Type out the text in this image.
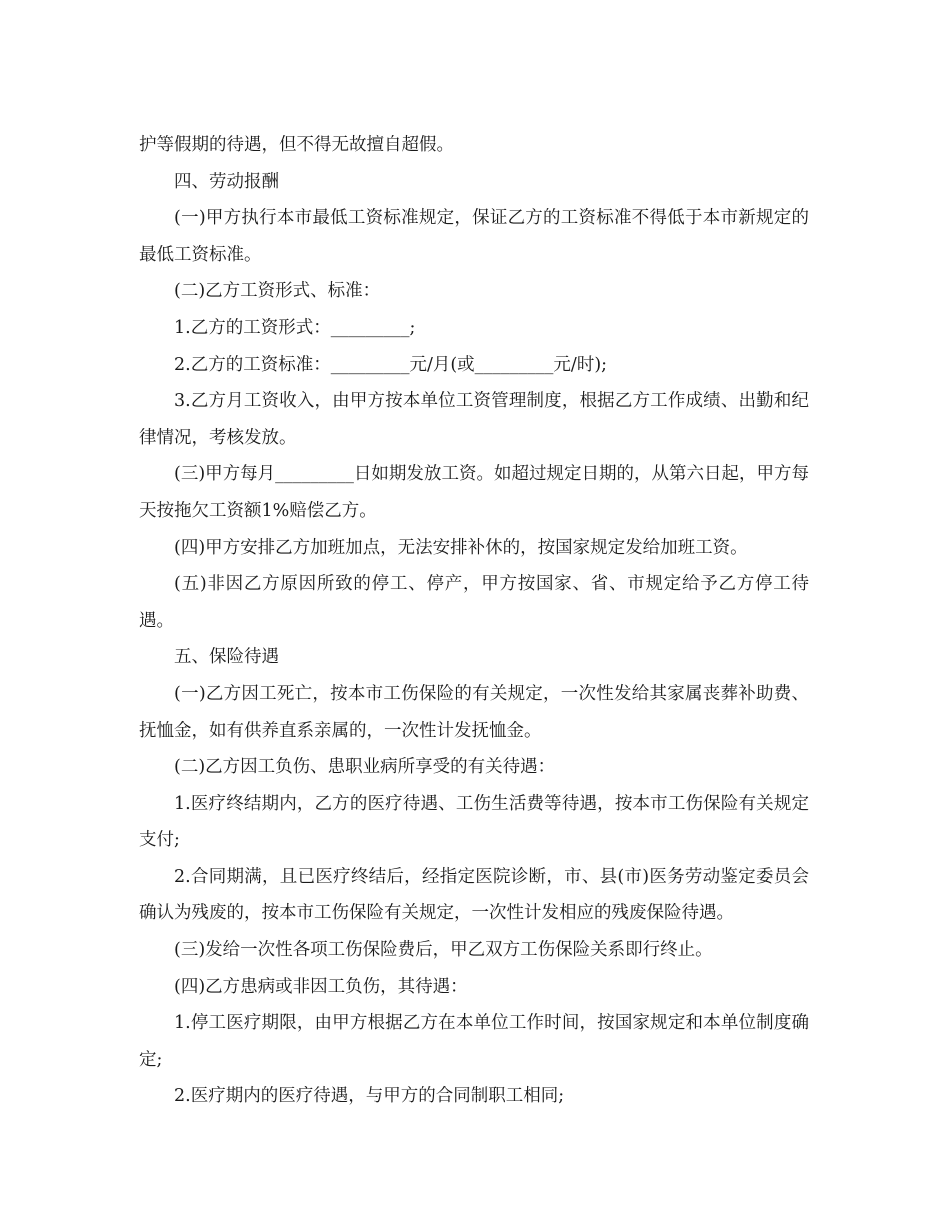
护等假期的待遇，但不得无故擅自超假。

四、劳动报酬

(一)甲方执行本市最低工资标准规定，保证乙方的工资标准不得低于本市新规定的最低工资标准。

(二)乙方工资形式、标准：

1.乙方的工资形式：_________;

2.乙方的工资标准：_________元/月(或_________元/时);

3.乙方月工资收入，由甲方按本单位工资管理制度，根据乙方工作成绩、出勤和纪律情况，考核发放。

(三)甲方每月_________日如期发放工资。如超过规定日期的，从第六日起，甲方每天按拖欠工资额1%赔偿乙方。

(四)甲方安排乙方加班加点，无法安排补休的，按国家规定发给加班工资。

(五)非因乙方原因所致的停工、停产，甲方按国家、省、市规定给予乙方停工待遇。

五、保险待遇

(一)乙方因工死亡，按本市工伤保险的有关规定，一次性发给其家属丧葬补助费、抚恤金，如有供养直系亲属的，一次性计发抚恤金。

(二)乙方因工负伤、患职业病所享受的有关待遇：

1.医疗终结期内，乙方的医疗待遇、工伤生活费等待遇，按本市工伤保险有关规定支付;

2.合同期满，且已医疗终结后，经指定医院诊断，市、县(市)医务劳动鉴定委员会确认为残废的，按本市工伤保险有关规定，一次性计发相应的残废保险待遇。

(三)发给一次性各项工伤保险费后，甲乙双方工伤保险关系即行终止。

(四)乙方患病或非因工负伤，其待遇：

1.停工医疗期限，由甲方根据乙方在本单位工作时间，按国家规定和本单位制度确定;

2.医疗期内的医疗待遇，与甲方的合同制职工相同;
